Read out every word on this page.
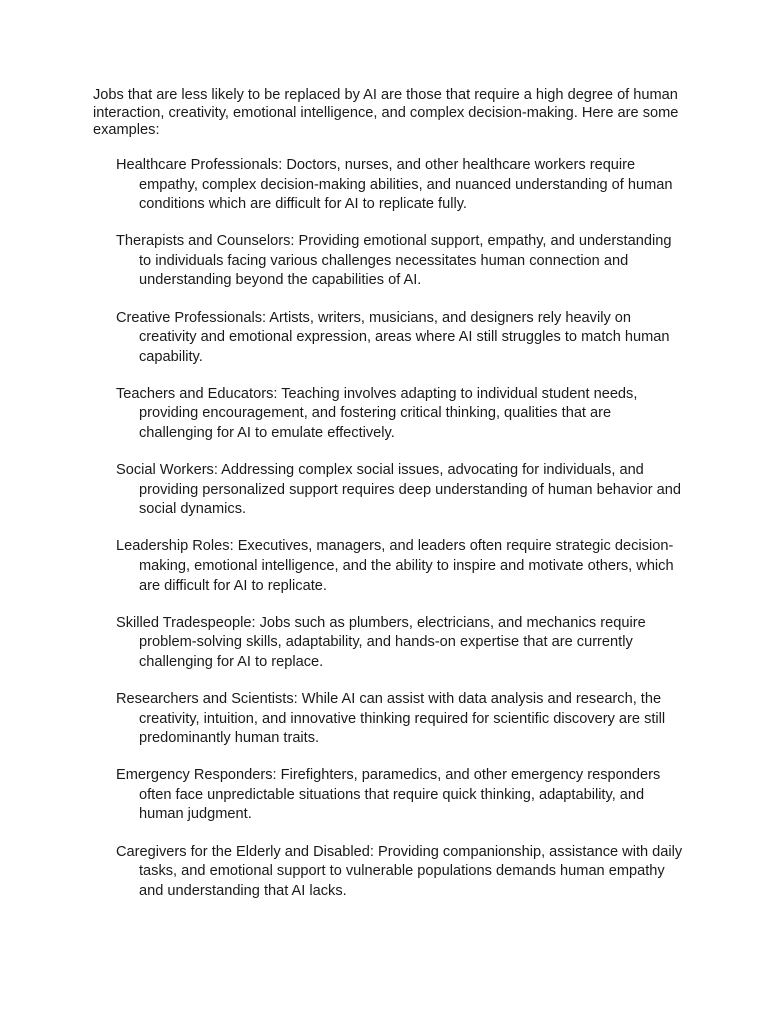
Jobs that are less likely to be replaced by AI are those that require a high degree of human interaction, creativity, emotional intelligence, and complex decision-making. Here are some examples:

Healthcare Professionals: Doctors, nurses, and other healthcare workers require empathy, complex decision-making abilities, and nuanced understanding of human conditions which are difficult for AI to replicate fully.
Therapists and Counselors: Providing emotional support, empathy, and understanding to individuals facing various challenges necessitates human connection and understanding beyond the capabilities of AI.
Creative Professionals: Artists, writers, musicians, and designers rely heavily on creativity and emotional expression, areas where AI still struggles to match human capability.
Teachers and Educators: Teaching involves adapting to individual student needs, providing encouragement, and fostering critical thinking, qualities that are challenging for AI to emulate effectively.
Social Workers: Addressing complex social issues, advocating for individuals, and providing personalized support requires deep understanding of human behavior and social dynamics.
Leadership Roles: Executives, managers, and leaders often require strategic decision-making, emotional intelligence, and the ability to inspire and motivate others, which are difficult for AI to replicate.
Skilled Tradespeople: Jobs such as plumbers, electricians, and mechanics require problem-solving skills, adaptability, and hands-on expertise that are currently challenging for AI to replace.
Researchers and Scientists: While AI can assist with data analysis and research, the creativity, intuition, and innovative thinking required for scientific discovery are still predominantly human traits.
Emergency Responders: Firefighters, paramedics, and other emergency responders often face unpredictable situations that require quick thinking, adaptability, and human judgment.
Caregivers for the Elderly and Disabled: Providing companionship, assistance with daily tasks, and emotional support to vulnerable populations demands human empathy and understanding that AI lacks.
